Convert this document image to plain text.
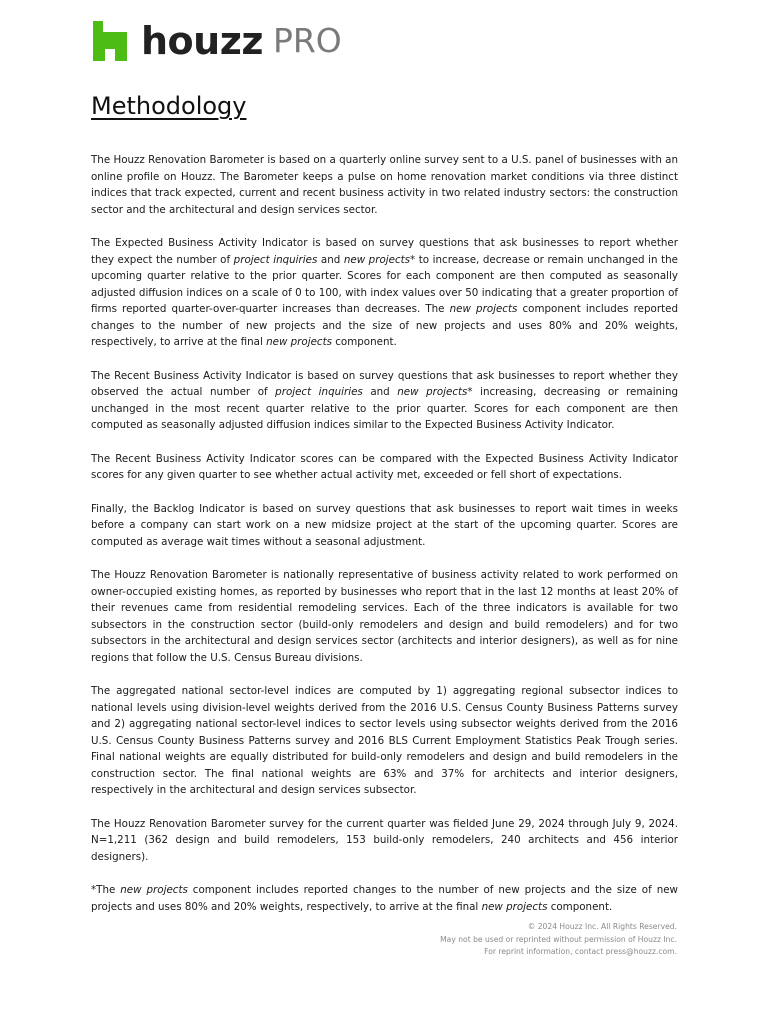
houzz PRO
Methodology

The Houzz Renovation Barometer is based on a quarterly online survey sent to a U.S. panel of businesses with an online profile on Houzz. The Barometer keeps a pulse on home renovation market conditions via three distinct indices that track expected, current and recent business activity in two related industry sectors: the construction sector and the architectural and design services sector.

The Expected Business Activity Indicator is based on survey questions that ask businesses to report whether they expect the number of project inquiries and new projects* to increase, decrease or remain unchanged in the upcoming quarter relative to the prior quarter. Scores for each component are then computed as seasonally adjusted diffusion indices on a scale of 0 to 100, with index values over 50 indicating that a greater proportion of firms reported quarter-over-quarter increases than decreases. The new projects component includes reported changes to the number of new projects and the size of new projects and uses 80% and 20% weights, respectively, to arrive at the final new projects component.

The Recent Business Activity Indicator is based on survey questions that ask businesses to report whether they observed the actual number of project inquiries and new projects* increasing, decreasing or remaining unchanged in the most recent quarter relative to the prior quarter. Scores for each component are then computed as seasonally adjusted diffusion indices similar to the Expected Business Activity Indicator.

The Recent Business Activity Indicator scores can be compared with the Expected Business Activity Indicator scores for any given quarter to see whether actual activity met, exceeded or fell short of expectations.

Finally, the Backlog Indicator is based on survey questions that ask businesses to report wait times in weeks before a company can start work on a new midsize project at the start of the upcoming quarter. Scores are computed as average wait times without a seasonal adjustment.

The Houzz Renovation Barometer is nationally representative of business activity related to work performed on owner-occupied existing homes, as reported by businesses who report that in the last 12 months at least 20% of their revenues came from residential remodeling services. Each of the three indicators is available for two subsectors in the construction sector (build-only remodelers and design and build remodelers) and for two subsectors in the architectural and design services sector (architects and interior designers), as well as for nine regions that follow the U.S. Census Bureau divisions.

The aggregated national sector-level indices are computed by 1) aggregating regional subsector indices to national levels using division-level weights derived from the 2016 U.S. Census County Business Patterns survey and 2) aggregating national sector-level indices to sector levels using subsector weights derived from the 2016 U.S. Census County Business Patterns survey and 2016 BLS Current Employment Statistics Peak Trough series. Final national weights are equally distributed for build-only remodelers and design and build remodelers in the construction sector. The final national weights are 63% and 37% for architects and interior designers, respectively in the architectural and design services subsector.

The Houzz Renovation Barometer survey for the current quarter was fielded June 29, 2024 through July 9, 2024. N=1,211 (362 design and build remodelers, 153 build-only remodelers, 240 architects and 456 interior designers).

*The new projects component includes reported changes to the number of new projects and the size of new projects and uses 80% and 20% weights, respectively, to arrive at the final new projects component.

© 2024 Houzz Inc. All Rights Reserved.
May not be used or reprinted without permission of Houzz Inc.
For reprint information, contact press@houzz.com.
